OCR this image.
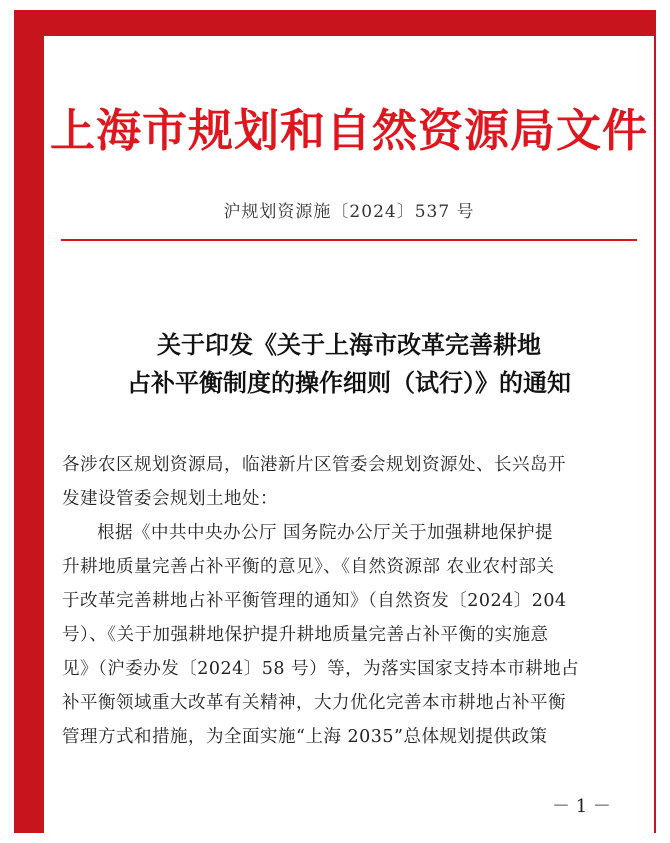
上海市规划和自然资源局文件
沪规划资源施〔2024〕537 号
关于印发《关于上海市改革完善耕地
占补平衡制度的操作细则（试行）》的通知
各涉农区规划资源局，临港新片区管委会规划资源处、长兴岛开
发建设管委会规划土地处：
根据《中共中央办公厅 国务院办公厅关于加强耕地保护提
升耕地质量完善占补平衡的意见》、《自然资源部 农业农村部关
于改革完善耕地占补平衡管理的通知》（自然资发〔2024〕204
号）、《关于加强耕地保护提升耕地质量完善占补平衡的实施意
见》（沪委办发〔2024〕58 号）等，为落实国家支持本市耕地占
补平衡领域重大改革有关精神，大力优化完善本市耕地占补平衡
管理方式和措施，为全面实施“上海 2035”总体规划提供政策
－ 1 －
